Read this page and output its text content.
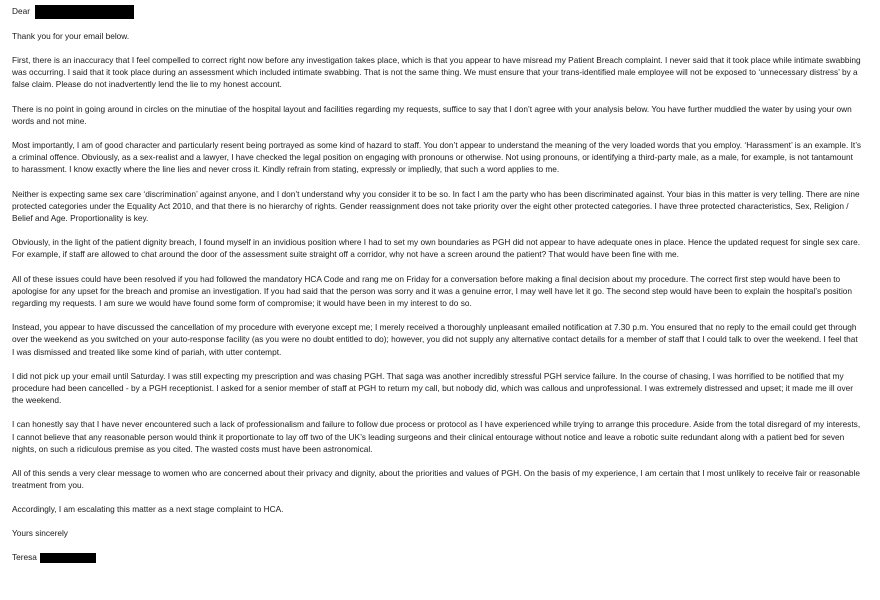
Dear

Thank you for your email below.

First, there is an inaccuracy that I feel compelled to correct right now before any investigation takes place, which is that you appear to have misread my Patient Breach complaint. I never said that it took place while intimate swabbing was occurring. I said that it took place during an assessment which included intimate swabbing. That is not the same thing. We must ensure that your trans-identified male employee will not be exposed to ‘unnecessary distress’ by a false claim. Please do not inadvertently lend the lie to my honest account.

There is no point in going around in circles on the minutiae of the hospital layout and facilities regarding my requests, suffice to say that I don’t agree with your analysis below. You have further muddied the water by using your own words and not mine.

Most importantly, I am of good character and particularly resent being portrayed as some kind of hazard to staff. You don’t appear to understand the meaning of the very loaded words that you employ. ‘Harassment’ is an example. It’s a criminal offence. Obviously, as a sex-realist and a lawyer, I have checked the legal position on engaging with pronouns or otherwise. Not using pronouns, or identifying a third-party male, as a male, for example, is not tantamount to harassment. I know exactly where the line lies and never cross it. Kindly refrain from stating, expressly or impliedly, that such a word applies to me.

Neither is expecting same sex care ‘discrimination’ against anyone, and I don’t understand why you consider it to be so. In fact I am the party who has been discriminated against. Your bias in this matter is very telling. There are nine protected categories under the Equality Act 2010, and that there is no hierarchy of rights. Gender reassignment does not take priority over the eight other protected categories. I have three protected characteristics, Sex, Religion / Belief and Age. Proportionality is key.

Obviously, in the light of the patient dignity breach, I found myself in an invidious position where I had to set my own boundaries as PGH did not appear to have adequate ones in place. Hence the updated request for single sex care. For example, if staff are allowed to chat around the door of the assessment suite straight off a corridor, why not have a screen around the patient? That would have been fine with me.

All of these issues could have been resolved if you had followed the mandatory HCA Code and rang me on Friday for a conversation before making a final decision about my procedure. The correct first step would have been to apologise for any upset for the breach and promise an investigation. If you had said that the person was sorry and it was a genuine error, I may well have let it go. The second step would have been to explain the hospital’s position regarding my requests. I am sure we would have found some form of compromise; it would have been in my interest to do so.

Instead, you appear to have discussed the cancellation of my procedure with everyone except me; I merely received a thoroughly unpleasant emailed notification at 7.30 p.m. You ensured that no reply to the email could get through over the weekend as you switched on your auto-response facility (as you were no doubt entitled to do); however, you did not supply any alternative contact details for a member of staff that I could talk to over the weekend. I feel that I was dismissed and treated like some kind of pariah, with utter contempt.

I did not pick up your email until Saturday. I was still expecting my prescription and was chasing PGH. That saga was another incredibly stressful PGH service failure. In the course of chasing, I was horrified to be notified that my procedure had been cancelled - by a PGH receptionist. I asked for a senior member of staff at PGH to return my call, but nobody did, which was callous and unprofessional. I was extremely distressed and upset; it made me ill over the weekend.

I can honestly say that I have never encountered such a lack of professionalism and failure to follow due process or protocol as I have experienced while trying to arrange this procedure. Aside from the total disregard of my interests, I cannot believe that any reasonable person would think it proportionate to lay off two of the UK’s leading surgeons and their clinical entourage without notice and leave a robotic suite redundant along with a patient bed for seven nights, on such a ridiculous premise as you cited. The wasted costs must have been astronomical.

All of this sends a very clear message to women who are concerned about their privacy and dignity, about the priorities and values of PGH. On the basis of my experience, I am certain that I most unlikely to receive fair or reasonable treatment from you.

Accordingly, I am escalating this matter as a next stage complaint to HCA.

Yours sincerely

Teresa
